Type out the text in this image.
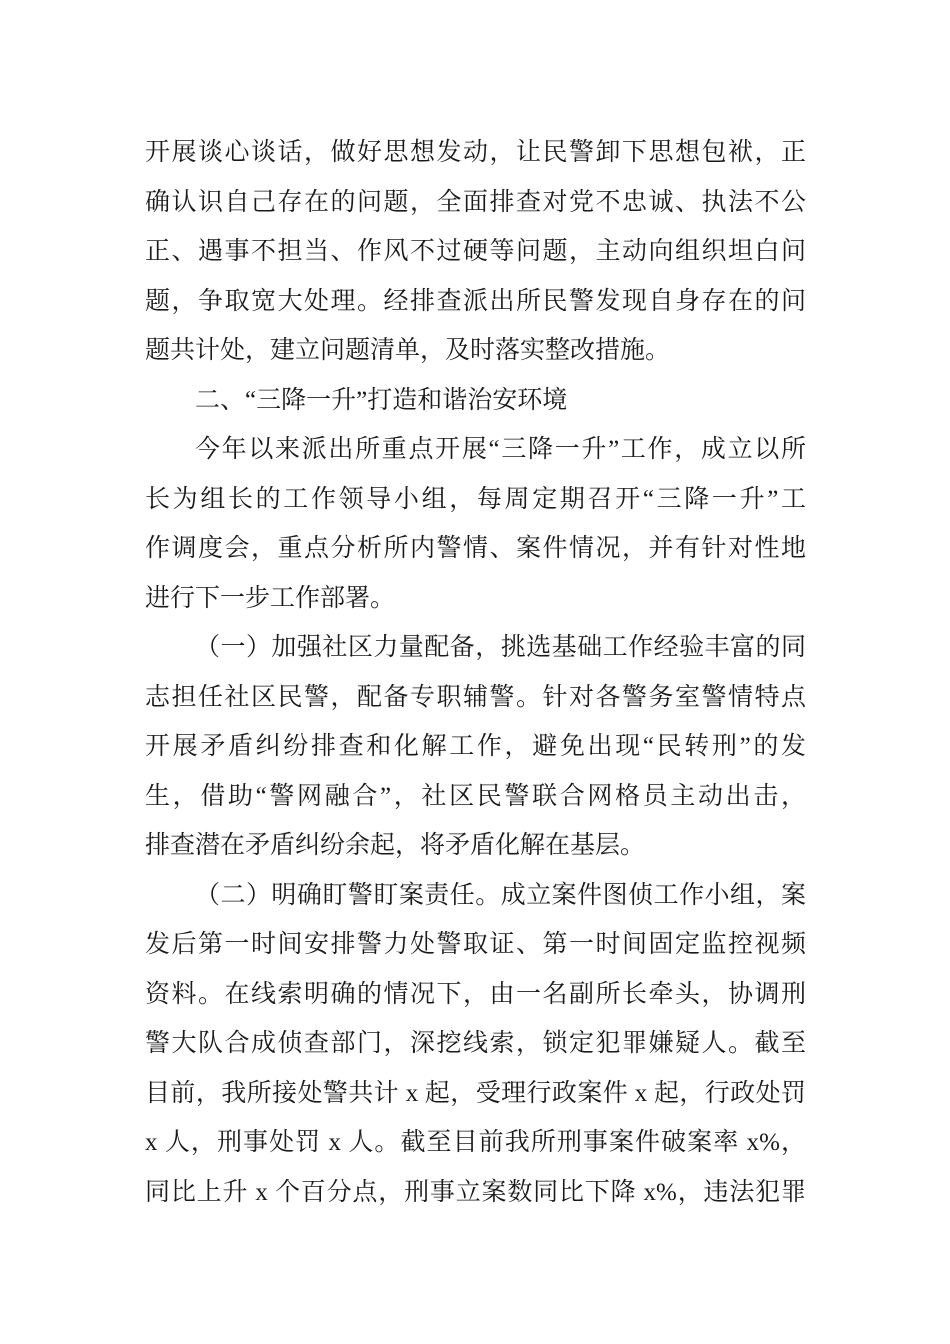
开展谈心谈话，做好思想发动，让民警卸下思想包袱，正
确认识自己存在的问题，全面排查对党不忠诚、执法不公
正、遇事不担当、作风不过硬等问题，主动向组织坦白问
题，争取宽大处理。经排查派出所民警发现自身存在的问
题共计处，建立问题清单，及时落实整改措施。
二、“三降一升”打造和谐治安环境
今年以来派出所重点开展“三降一升”工作，成立以所
长为组长的工作领导小组，每周定期召开“三降一升”工
作调度会，重点分析所内警情、案件情况，并有针对性地
进行下一步工作部署。
（一）加强社区力量配备，挑选基础工作经验丰富的同
志担任社区民警，配备专职辅警。针对各警务室警情特点
开展矛盾纠纷排查和化解工作，避免出现“民转刑”的发
生，借助“警网融合”，社区民警联合网格员主动出击，
排查潜在矛盾纠纷余起，将矛盾化解在基层。
（二）明确盯警盯案责任。成立案件图侦工作小组，案
发后第一时间安排警力处警取证、第一时间固定监控视频
资料。在线索明确的情况下，由一名副所长牵头，协调刑
警大队合成侦查部门，深挖线索，锁定犯罪嫌疑人。截至
目前，我所接处警共计 x 起，受理行政案件 x 起，行政处罚
x 人，刑事处罚 x 人。截至目前我所刑事案件破案率 x%，
同比上升 x 个百分点，刑事立案数同比下降 x%，违法犯罪
